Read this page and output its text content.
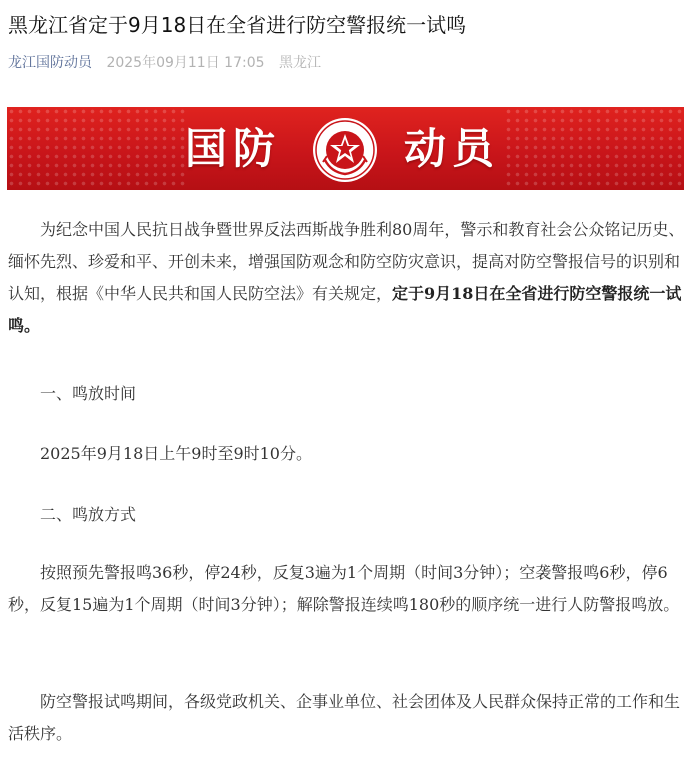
黑龙江省定于9月18日在全省进行防空警报统一试鸣
龙江国防动员 2025年09月11日 17:05 黑龙江
国防	动员

为纪念中国人民抗日战争暨世界反法西斯战争胜利80周年，警示和教育社会公众铭记历史、缅怀先烈、珍爱和平、开创未来，增强国防观念和防空防灾意识，提高对防空警报信号的识别和认知，根据《中华人民共和国人民防空法》有关规定，定于9月18日在全省进行防空警报统一试鸣。

一、鸣放时间

2025年9月18日上午9时至9时10分。

二、鸣放方式

按照预先警报鸣36秒，停24秒，反复3遍为1个周期（时间3分钟）；空袭警报鸣6秒，停6秒，反复15遍为1个周期（时间3分钟）；解除警报连续鸣180秒的顺序统一进行人防警报鸣放。

防空警报试鸣期间，各级党政机关、企事业单位、社会团体及人民群众保持正常的工作和生活秩序。
